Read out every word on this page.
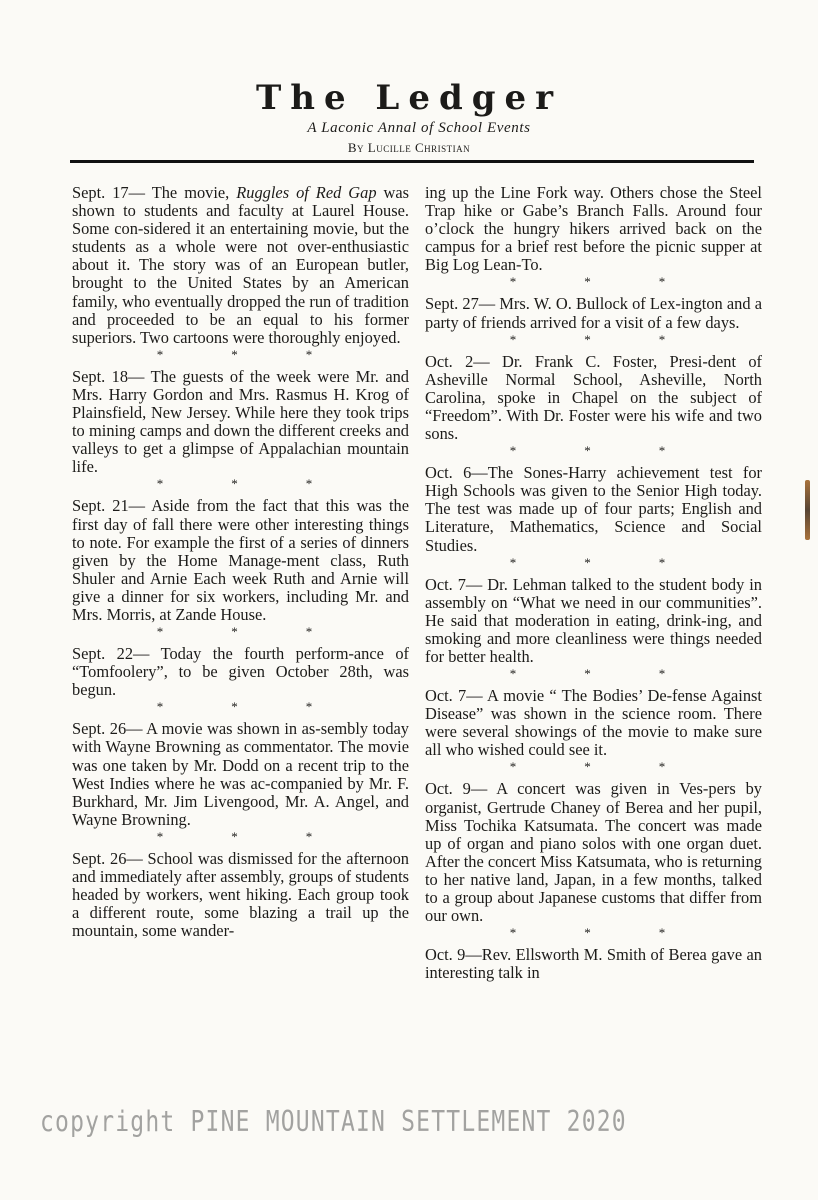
The Ledger
A Laconic Annal of School Events
By Lucille Christian

Sept. 17— The movie, Ruggles of Red Gap was shown to students and faculty at Laurel House. Some con-sidered it an entertaining movie, but the students as a whole were not over-enthusiastic about it. The story was of an European butler, brought to the United States by an American family, who eventually dropped the run of tradition and proceeded to be an equal to his former superiors. Two cartoons were thoroughly enjoyed.

*	*	*

Sept. 18— The guests of the week were Mr. and Mrs. Harry Gordon and Mrs. Rasmus H. Krog of Plainsfield, New Jersey. While here they took trips to mining camps and down the different creeks and valleys to get a glimpse of Appalachian mountain life.

*	*	*

Sept. 21— Aside from the fact that this was the first day of fall there were other interesting things to note. For example the first of a series of dinners given by the Home Manage-ment class, Ruth Shuler and Arnie Each week Ruth and Arnie will give a dinner for six workers, including Mr. and Mrs. Morris, at Zande House.

*	*	*

Sept. 22— Today the fourth perform-ance of “Tomfoolery”, to be given October 28th, was begun.

*	*	*

Sept. 26— A movie was shown in as-sembly today with Wayne Browning as commentator. The movie was one taken by Mr. Dodd on a recent trip to the West Indies where he was ac-companied by Mr. F. Burkhard, Mr. Jim Livengood, Mr. A. Angel, and Wayne Browning.

*	*	*

Sept. 26— School was dismissed for the afternoon and immediately after assembly, groups of students headed by workers, went hiking. Each group took a different route, some blazing a trail up the mountain, some wander-

ing up the Line Fork way. Others chose the Steel Trap hike or Gabe’s Branch Falls. Around four o’clock the hungry hikers arrived back on the campus for a brief rest before the picnic supper at Big Log Lean-To.

*	*	*

Sept. 27— Mrs. W. O. Bullock of Lex-ington and a party of friends arrived for a visit of a few days.

*	*	*

Oct. 2— Dr. Frank C. Foster, Presi-dent of Asheville Normal School, Asheville, North Carolina, spoke in Chapel on the subject of “Freedom”. With Dr. Foster were his wife and two sons.

*	*	*

Oct. 6—The Sones-Harry achievement test for High Schools was given to the Senior High today. The test was made up of four parts; English and Literature, Mathematics, Science and Social Studies.

*	*	*

Oct. 7— Dr. Lehman talked to the student body in assembly on “What we need in our communities”. He said that moderation in eating, drink-ing, and smoking and more cleanliness were things needed for better health.

*	*	*

Oct. 7— A movie “ The Bodies’ De-fense Against Disease” was shown in the science room. There were several showings of the movie to make sure all who wished could see it.

*	*	*

Oct. 9— A concert was given in Ves-pers by organist, Gertrude Chaney of Berea and her pupil, Miss Tochika Katsumata. The concert was made up of organ and piano solos with one organ duet. After the concert Miss Katsumata, who is returning to her native land, Japan, in a few months, talked to a group about Japanese customs that differ from our own.

*	*	*

Oct. 9—Rev. Ellsworth M. Smith of Berea gave an interesting talk in

copyright PINE MOUNTAIN SETTLEMENT 2020
